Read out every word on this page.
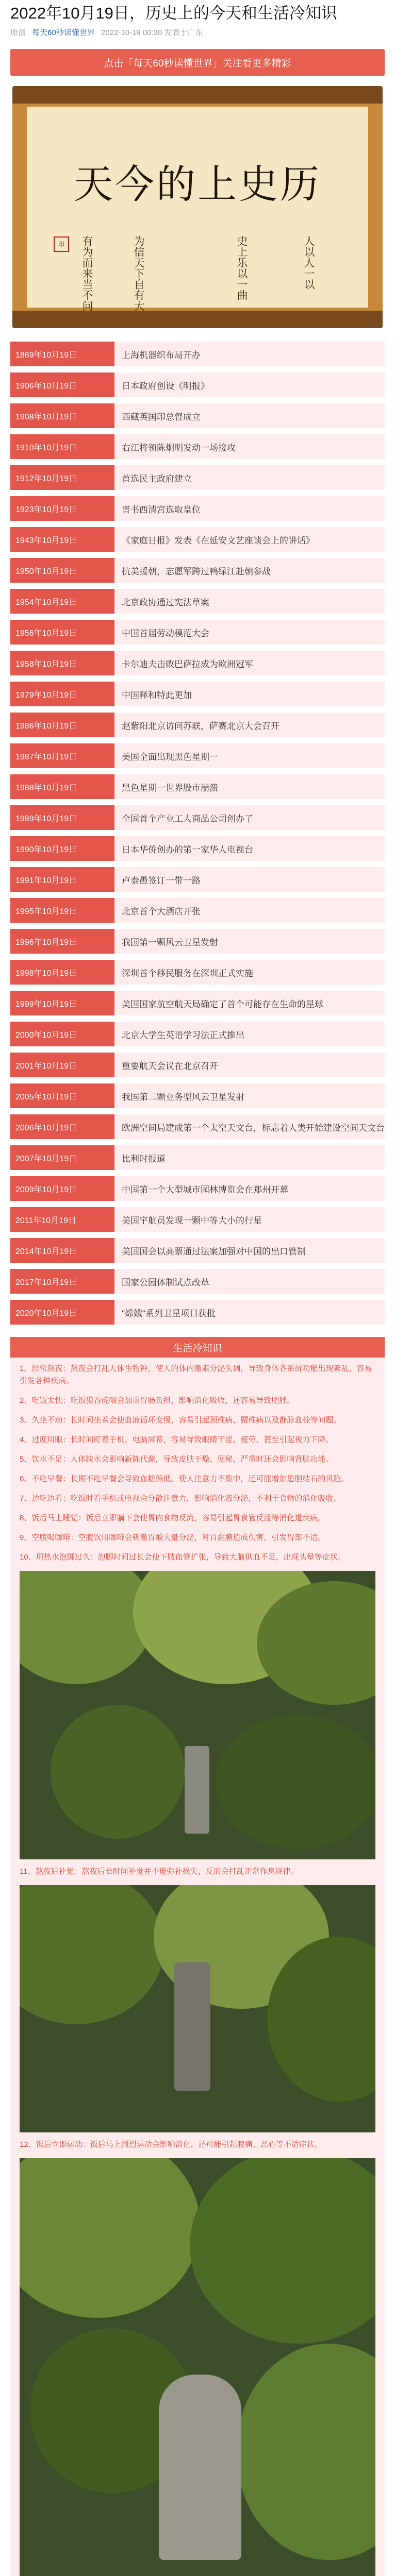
2022年10月19日，历史上的今天和生活冷知识
原创 每天60秒读懂世界 2022-10-19 00:30 发表于广东
点击「每天60秒读懂世界」关注看更多精彩
天今的上史历
印	有为而来当不问	为信天下自有大	史上乐以一曲	人以人一以
1869年10月19日	上海机器织布局开办
1906年10月19日	日本政府创设《明报》
1908年10月19日	西藏英国印总督成立
1910年10月19日	右江将领陈炯明发动一场接攻
1912年10月19日	首选民主政府建立
1923年10月19日	晋书西清宫选取皇位
1943年10月19日	《家庭日报》发表《在延安文艺座谈会上的讲话》
1950年10月19日	抗美援朝，志愿军跨过鸭绿江赴朝参战
1954年10月19日	北京政协通过宪法草案
1956年10月19日	中国首届劳动模范大会
1958年10月19日	卡尔迪夫击败巴萨拉成为欧洲冠军
1979年10月19日	中国释和特此更加
1986年10月19日	赵紫阳北京访问苏联，萨赛北京大会召开
1987年10月19日	美国全面出现黑色星期一
1988年10月19日	黑色星期一世界股市崩溃
1989年10月19日	全国首个产业工人商品公司创办了
1990年10月19日	日本华侨创办的第一家华人电视台
1991年10月19日	卢泰愚签订一带一路
1995年10月19日	北京首个大酒店开张
1996年10月19日	我国第一颗风云卫星发射
1998年10月19日	深圳首个移民服务在深圳正式实施
1999年10月19日	美国国家航空航天局确定了首个可能存在生命的星球
2000年10月19日	北京大学生英语学习法正式推出
2001年10月19日	重要航天会议在北京召开
2005年10月19日	我国第二颗业务型风云卫星发射
2006年10月19日	欧洲空间局建成第一个太空天文台，标志着人类开始建设空间天文台
2007年10月19日	比利时报道
2009年10月19日	中国第一个大型城市园林博览会在郑州开幕
2011年10月19日	美国宇航员发现一颗中等大小的行星
2014年10月19日	美国国会以高票通过法案加强对中国的出口管制
2017年10月19日	国家公园体制试点改革
2020年10月19日	"嫦娥"系列卫星项目获批
生活冷知识

1、经常熬夜：熬夜会打乱人体生物钟，使人的体内激素分泌失调，导致身体各系统功能出现紊乱，容易引发各种疾病。

2、吃饭太快：吃饭狼吞虎咽会加重胃肠负担，影响消化吸收，还容易导致肥胖。

3、久坐不动：长时间坐着会使血液循环变慢，容易引起颈椎病、腰椎病以及静脉血栓等问题。

4、过度用眼：长时间盯着手机、电脑屏幕，容易导致眼睛干涩、疲劳，甚至引起视力下降。

5、饮水不足：人体缺水会影响新陈代谢，导致皮肤干燥、便秘，严重时还会影响肾脏功能。

6、不吃早餐：长期不吃早餐会导致血糖偏低，使人注意力不集中，还可能增加患胆结石的风险。

7、边吃边看：吃饭时看手机或电视会分散注意力，影响消化液分泌，不利于食物的消化吸收。

8、饭后马上睡觉：饭后立即躺下会使胃内食物反流，容易引起胃食管反流等消化道疾病。

9、空腹喝咖啡：空腹饮用咖啡会刺激胃酸大量分泌，对胃黏膜造成伤害，引发胃部不适。

10、用热水泡脚过久：泡脚时间过长会使下肢血管扩张，导致大脑供血不足，出现头晕等症状。

11、熬夜后补觉：熬夜后长时间补觉并不能弥补损失，反而会打乱正常作息规律。

12、饭后立即运动：饭后马上剧烈运动会影响消化，还可能引起腹痛、恶心等不适症状。
